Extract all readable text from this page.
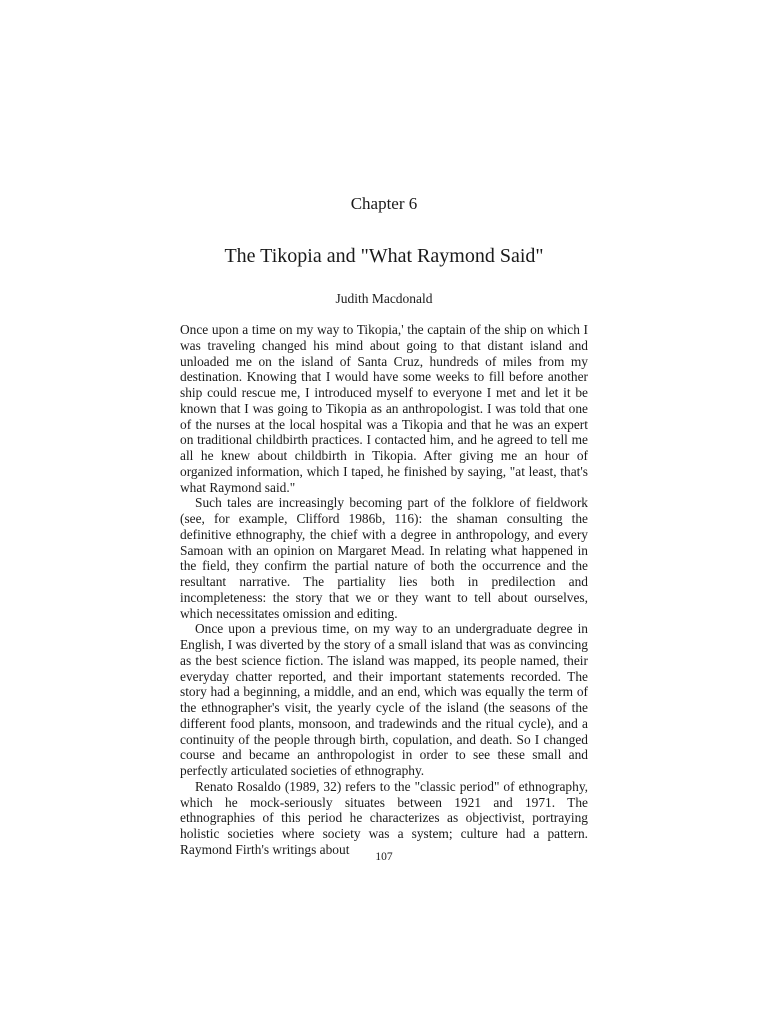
Chapter 6
The Tikopia and "What Raymond Said"
Judith Macdonald

Once upon a time on my way to Tikopia,' the captain of the ship on which I was traveling changed his mind about going to that distant island and unloaded me on the island of Santa Cruz, hundreds of miles from my destination. Knowing that I would have some weeks to fill before another ship could rescue me, I introduced myself to everyone I met and let it be known that I was going to Tikopia as an anthropologist. I was told that one of the nurses at the local hospital was a Tikopia and that he was an expert on traditional childbirth practices. I contacted him, and he agreed to tell me all he knew about childbirth in Tikopia. After giving me an hour of organized information, which I taped, he finished by saying, "at least, that's what Raymond said."

Such tales are increasingly becoming part of the folklore of fieldwork (see, for example, Clifford 1986b, 116): the shaman consulting the definitive ethnography, the chief with a degree in anthropology, and every Samoan with an opinion on Margaret Mead. In relating what happened in the field, they confirm the partial nature of both the occurrence and the resultant narrative. The partiality lies both in predilection and incompleteness: the story that we or they want to tell about ourselves, which necessitates omission and editing.

Once upon a previous time, on my way to an undergraduate degree in English, I was diverted by the story of a small island that was as convincing as the best science fiction. The island was mapped, its people named, their everyday chatter reported, and their important statements recorded. The story had a beginning, a middle, and an end, which was equally the term of the ethnographer's visit, the yearly cycle of the island (the seasons of the different food plants, monsoon, and tradewinds and the ritual cycle), and a continuity of the people through birth, copulation, and death. So I changed course and became an anthropologist in order to see these small and perfectly articulated societies of ethnography.

Renato Rosaldo (1989, 32) refers to the "classic period" of ethnography, which he mock-seriously situates between 1921 and 1971. The ethnographies of this period he characterizes as objectivist, portraying holistic societies where society was a system; culture had a pattern. Raymond Firth's writings about

107
